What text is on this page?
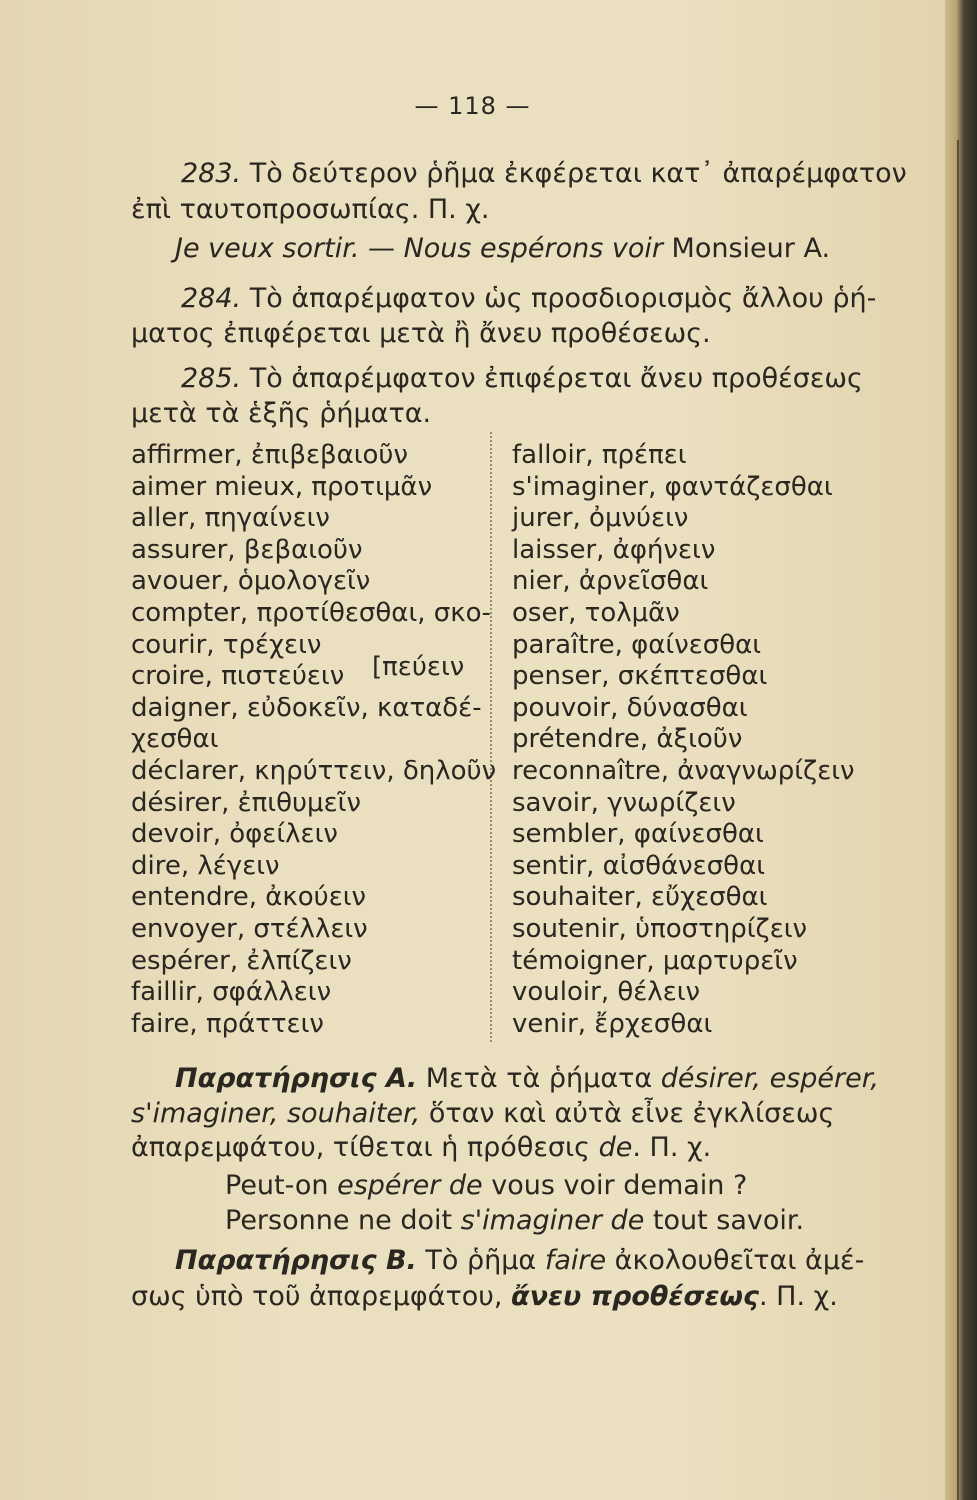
— 118 —
283. Τὸ δεύτερον ῥῆμα ἐκφέρεται κατ᾽ ἀπαρέμφατον
ἐπὶ ταυτοπροσωπίας. Π. χ.
Je veux sortir. — Nous espérons voir Monsieur A.
284. Τὸ ἀπαρέμφατον ὡς προσδιορισμὸς ἄλλου ῥή-
ματος ἐπιφέρεται μετὰ ἢ ἄνευ προθέσεως.
285. Τὸ ἀπαρέμφατον ἐπιφέρεται ἄνευ προθέσεως
μετὰ τὰ ἑξῆς ῥήματα.
affirmer, ἐπιβεβαιοῦν
aimer mieux, προτιμᾶν
aller, πηγαίνειν
assurer, βεβαιοῦν
avouer, ὁμολογεῖν
compter, προτίθεσθαι, σκο-
courir, τρέχειν
croire, πιστεύειν
daigner, εὐδοκεῖν, καταδέ-
χεσθαι
déclarer, κηρύττειν, δηλοῦν
désirer, ἐπιθυμεῖν
devoir, ὀφείλειν
dire, λέγειν
entendre, ἀκούειν
envoyer, στέλλειν
espérer, ἐλπίζειν
faillir, σφάλλειν
faire, πράττειν
falloir, πρέπει
s'imaginer, φαντάζεσθαι
jurer, ὀμνύειν
laisser, ἀφήνειν
nier, ἀρνεῖσθαι
oser, τολμᾶν
paraître, φαίνεσθαι
penser, σκέπτεσθαι
pouvoir, δύνασθαι
prétendre, ἀξιοῦν
reconnaître, ἀναγνωρίζειν
savoir, γνωρίζειν
sembler, φαίνεσθαι
sentir, αἰσθάνεσθαι
souhaiter, εὔχεσθαι
soutenir, ὑποστηρίζειν
témoigner, μαρτυρεῖν
vouloir, θέλειν
venir, ἔρχεσθαι
[πεύειν
Παρατήρησις Α. Μετὰ τὰ ῥήματα désirer, espérer,
s'imaginer, souhaiter, ὅταν καὶ αὐτὰ εἶνε ἐγκλίσεως
ἀπαρεμφάτου, τίθεται ἡ πρόθεσις de. Π. χ.
Peut-on espérer de vous voir demain ?
Personne ne doit s'imaginer de tout savoir.
Παρατήρησις Β. Τὸ ῥῆμα faire ἀκολουθεῖται ἀμέ-
σως ὑπὸ τοῦ ἀπαρεμφάτου, ἄνευ προθέσεως. Π. χ.
